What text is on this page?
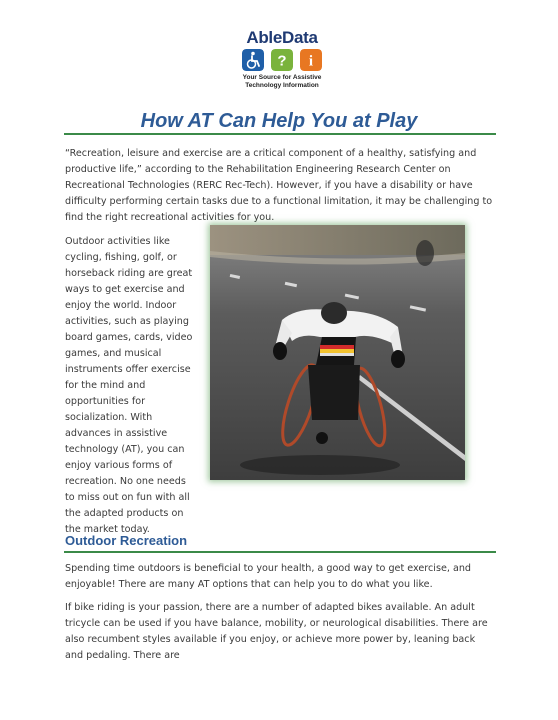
AbleData
? i
Your Source for Assistive
Technology Information
How AT Can Help You at Play

“Recreation, leisure and exercise are a critical component of a healthy, satisfying and productive life,” according to the Rehabilitation Engineering Research Center on Recreational Technologies (RERC Rec-Tech). However, if you have a disability or have difficulty performing certain tasks due to a functional limitation, it may be challenging to find the right recreational activities for you.

Outdoor activities like cycling, fishing, golf, or horseback riding are great ways to get exercise and enjoy the world. Indoor activities, such as playing board games, cards, video games, and musical instruments offer exercise for the mind and opportunities for socialization. With advances in assistive technology (AT), you can enjoy various forms of recreation. No one needs to miss out on fun with all the adapted products on the market today.

Outdoor Recreation

Spending time outdoors is beneficial to your health, a good way to get exercise, and enjoyable! There are many AT options that can help you to do what you like.

If bike riding is your passion, there are a number of adapted bikes available. An adult tricycle can be used if you have balance, mobility, or neurological disabilities. There are also recumbent styles available if you enjoy, or achieve more power by, leaning back and pedaling. There are
